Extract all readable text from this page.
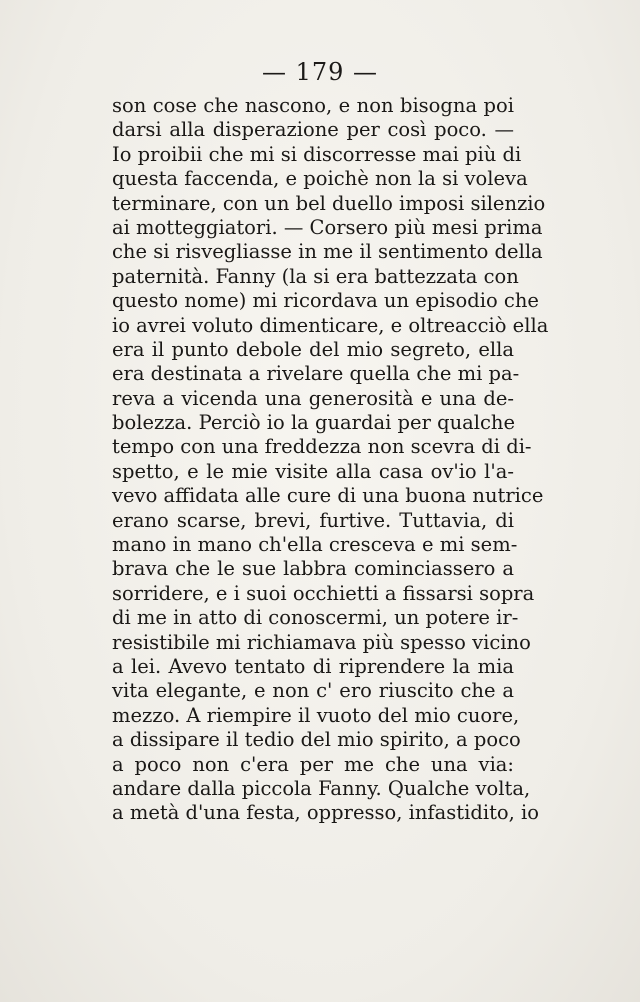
— 179 —
son cose che nascono, e non bisogna poi
darsi alla disperazione per così poco. —
Io proibii che mi si discorresse mai più di
questa faccenda, e poichè non la si voleva
terminare, con un bel duello imposi silenzio
ai motteggiatori. — Corsero più mesi prima
che si risvegliasse in me il sentimento della
paternità. Fanny (la si era battezzata con
questo nome) mi ricordava un episodio che
io avrei voluto dimenticare, e oltreacciò ella
era il punto debole del mio segreto, ella
era destinata a rivelare quella che mi pa-
reva a vicenda una generosità e una de-
bolezza. Perciò io la guardai per qualche
tempo con una freddezza non scevra di di-
spetto, e le mie visite alla casa ov'io l'a-
vevo affidata alle cure di una buona nutrice
erano scarse, brevi, furtive. Tuttavia, di
mano in mano ch'ella cresceva e mi sem-
brava che le sue labbra cominciassero a
sorridere, e i suoi occhietti a fissarsi sopra
di me in atto di conoscermi, un potere ir-
resistibile mi richiamava più spesso vicino
a lei. Avevo tentato di riprendere la mia
vita elegante, e non c' ero riuscito che a
mezzo. A riempire il vuoto del mio cuore,
a dissipare il tedio del mio spirito, a poco
a poco non c'era per me che una via:
andare dalla piccola Fanny. Qualche volta,
a metà d'una festa, oppresso, infastidito, io
